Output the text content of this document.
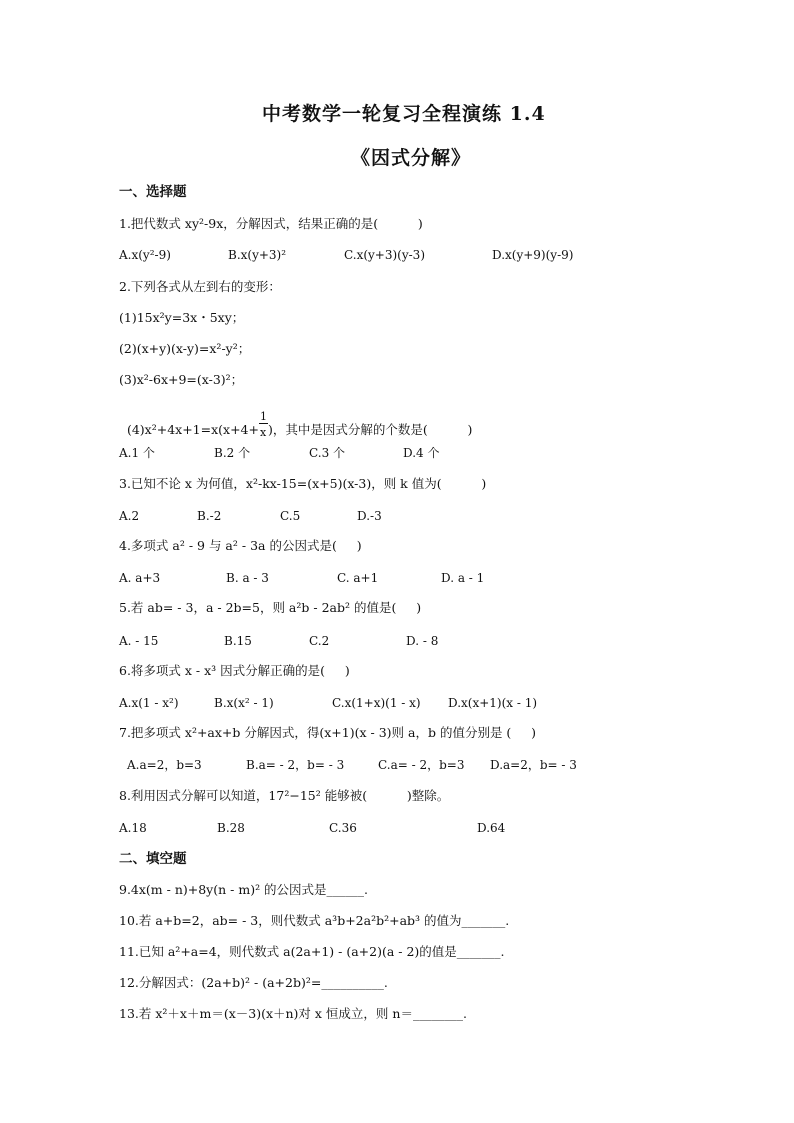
中考数学一轮复习全程演练 1.4
《因式分解》
一、选择题
1.把代数式 xy²-9x，分解因式，结果正确的是(          )
A.x(y²-9)	B.x(y+3)²	C.x(y+3)(y-3)	D.x(y+9)(y-9)
2.下列各式从左到右的变形：
(1)15x²y=3x・5xy；
(2)(x+y)(x-y)=x²-y²；
(3)x²-6x+9=(x-3)²；

$(4)x^2+4x+1=x(x+4+ \frac{1}{x}$ )，其中是因式分解的个数是(          )

A.1 个	B.2 个	C.3 个	D.4 个
3.已知不论 x 为何值，x²-kx-15=(x+5)(x-3)，则 k 值为(          )
A.2	B.-2	C.5	D.-3
4.多项式 a² - 9 与 a² - 3a 的公因式是(     )
A. a+3	B. a - 3	C. a+1	D. a - 1
5.若 ab= - 3，a - 2b=5，则 a²b - 2ab² 的值是(     )
A. - 15	B.15	C.2	D. - 8
6.将多项式 x - x³ 因式分解正确的是(     )
A.x(1 - x²)	B.x(x² - 1)	C.x(1+x)(1 - x) D.x(x+1)(x - 1)
7.把多项式 x²+ax+b 分解因式，得(x+1)(x - 3)则 a，b 的值分别是 (     )
A.a=2，b=3	B.a= - 2，b= - 3	C.a= - 2，b=3 D.a=2，b= - 3
8.利用因式分解可以知道，17²−15² 能够被(          )整除。
A.18	B.28	C.36	D.64
二、填空题
9.4x(m - n)+8y(n - m)² 的公因式是______.
10.若 a+b=2，ab= - 3，则代数式 a³b+2a²b²+ab³ 的值为_______.
11.已知 a²+a=4，则代数式 a(2a+1) - (a+2)(a - 2)的值是_______.
12.分解因式：(2a+b)² - (a+2b)²=__________.
13.若 x²＋x＋m＝(x－3)(x＋n)对 x 恒成立，则 n＝________.
